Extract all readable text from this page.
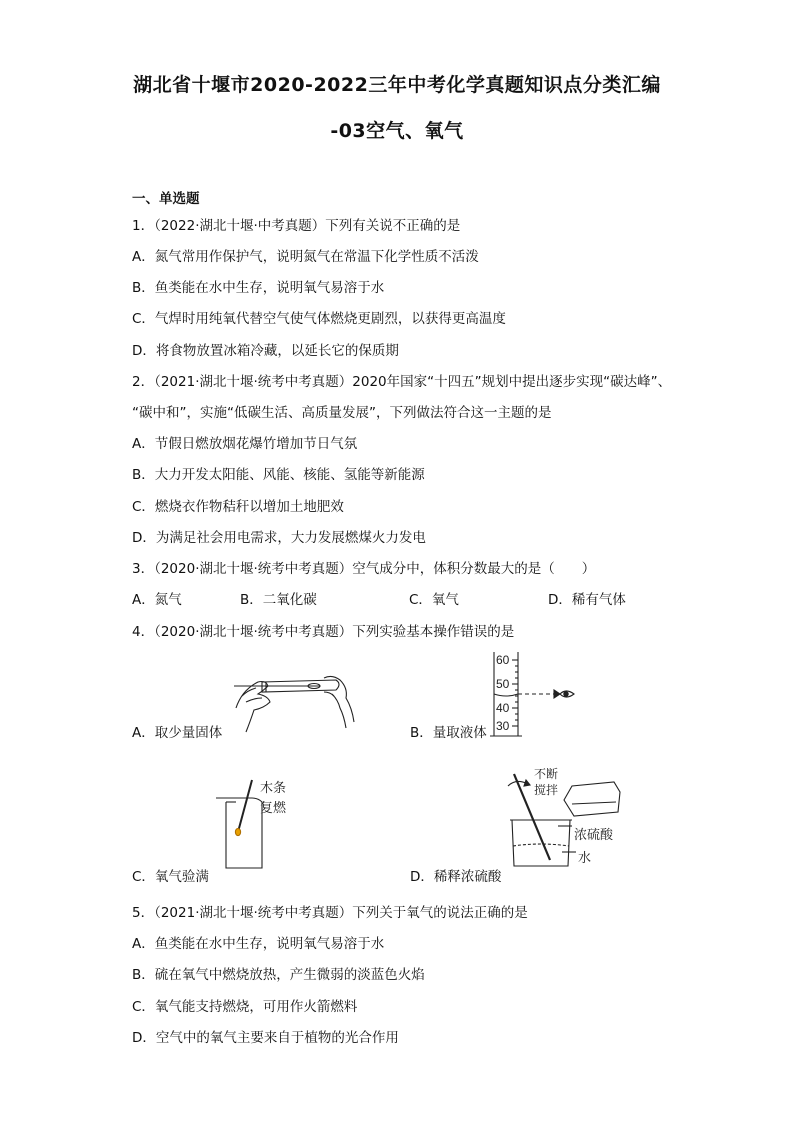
湖北省十堰市2020-2022三年中考化学真题知识点分类汇编
-03空气、氧气
一、单选题
1．（2022·湖北十堰·中考真题）下列有关说不正确的是
A．氮气常用作保护气，说明氮气在常温下化学性质不活泼
B．鱼类能在水中生存，说明氧气易溶于水
C．气焊时用纯氧代替空气使气体燃烧更剧烈，以获得更高温度
D．将食物放置冰箱冷藏，以延长它的保质期
2．（2021·湖北十堰·统考中考真题）2020年国家“十四五”规划中提出逐步实现“碳达峰”、
“碳中和”，实施“低碳生活、高质量发展”，下列做法符合这一主题的是
A．节假日燃放烟花爆竹增加节日气氛
B．大力开发太阳能、风能、核能、氢能等新能源
C．燃烧衣作物秸秆以增加土地肥效
D．为满足社会用电需求，大力发展燃煤火力发电
3．（2020·湖北十堰·统考中考真题）空气成分中，体积分数最大的是（　　）
A．氮气	B．二氧化碳	C．氧气	D．稀有气体
4．（2020·湖北十堰·统考中考真题）下列实验基本操作错误的是
A．取少量固体
60
50
40
30
B．量取液体
木条
复燃
C．氧气验满
不断
搅拌
浓硫酸
水
D．稀释浓硫酸
5．（2021·湖北十堰·统考中考真题）下列关于氧气的说法正确的是
A．鱼类能在水中生存，说明氧气易溶于水
B．硫在氧气中燃烧放热，产生微弱的淡蓝色火焰
C．氧气能支持燃烧，可用作火箭燃料
D．空气中的氧气主要来自于植物的光合作用
